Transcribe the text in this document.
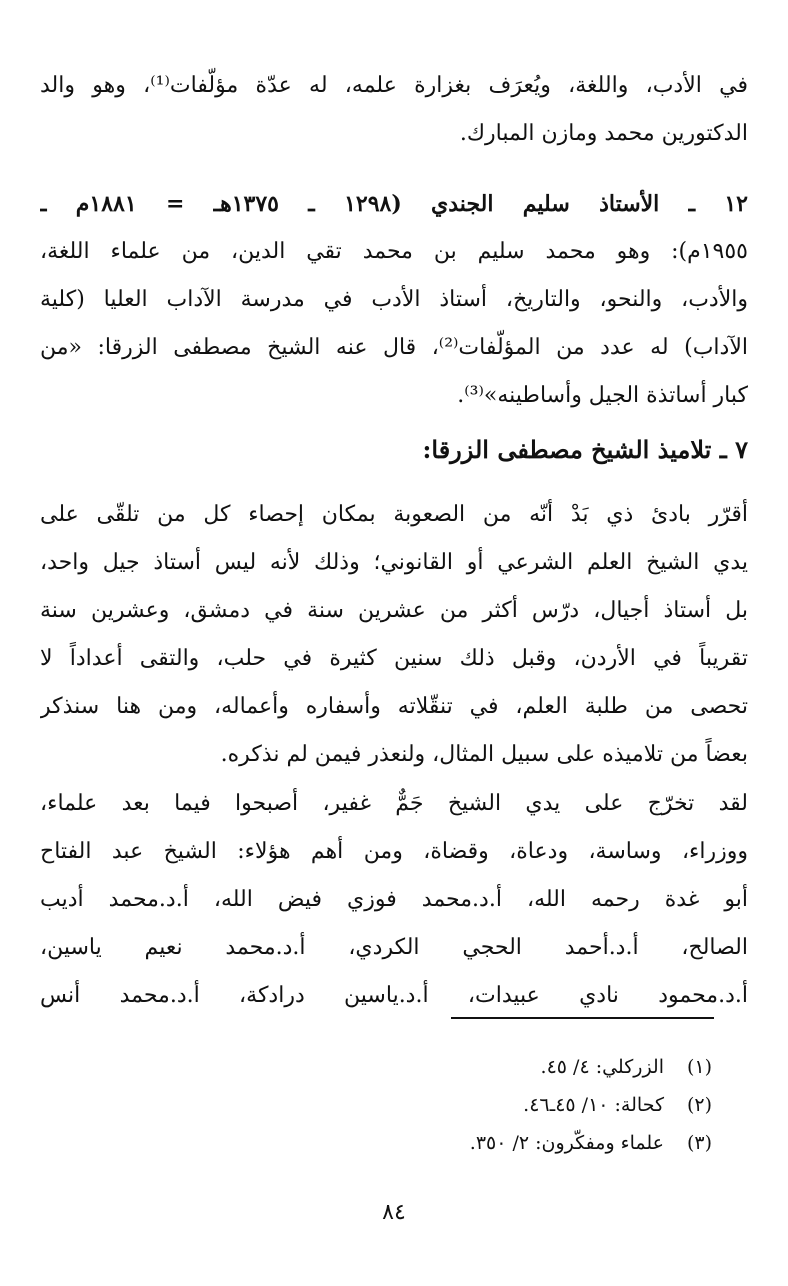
في الأدب، واللغة، ويُعرَف بغزارة علمه، له عدّة مؤلّفات⁽¹⁾، وهو والد
الدكتورين محمد ومازن المبارك.
١٢ ـ الأستاذ سليم الجندي (١٢٩٨ ـ ١٣٧٥هـ = ١٨٨١م ـ
١٩٥٥م): وهو محمد سليم بن محمد تقي الدين، من علماء اللغة،
والأدب، والنحو، والتاريخ، أستاذ الأدب في مدرسة الآداب العليا (كلية
الآداب) له عدد من المؤلّفات⁽²⁾، قال عنه الشيخ مصطفى الزرقا: «من
كبار أساتذة الجيل وأساطينه»⁽³⁾.
٧ ـ تلاميذ الشيخ مصطفى الزرقا:
أقرّر بادئ ذي بَدْ أنّه من الصعوبة بمكان إحصاء كل من تلقّى على
يدي الشيخ العلم الشرعي أو القانوني؛ وذلك لأنه ليس أستاذ جيل واحد،
بل أستاذ أجيال، درّس أكثر من عشرين سنة في دمشق، وعشرين سنة
تقريباً في الأردن، وقبل ذلك سنين كثيرة في حلب، والتقى أعداداً لا
تحصى من طلبة العلم، في تنقّلاته وأسفاره وأعماله، ومن هنا سنذكر
بعضاً من تلاميذه على سبيل المثال، ولنعذر فيمن لم نذكره.
لقد تخرّج على يدي الشيخ جَمٌّ غفير، أصبحوا فيما بعد علماء،
ووزراء، وساسة، ودعاة، وقضاة، ومن أهم هؤلاء: الشيخ عبد الفتاح
أبو غدة رحمه الله، أ.د.محمد فوزي فيض الله، أ.د.محمد أديب
الصالح، أ.د.أحمد الحجي الكردي، أ.د.محمد نعيم ياسين،
أ.د.محمود نادي عبيدات، أ.د.ياسين درادكة، أ.د.محمد أنس
(١)الزركلي: ٤/ ٤٥.
(٢)كحالة: ١٠/ ٤٥ـ٤٦.
(٣)علماء ومفكّرون: ٢/ ٣٥٠.
٨٤
